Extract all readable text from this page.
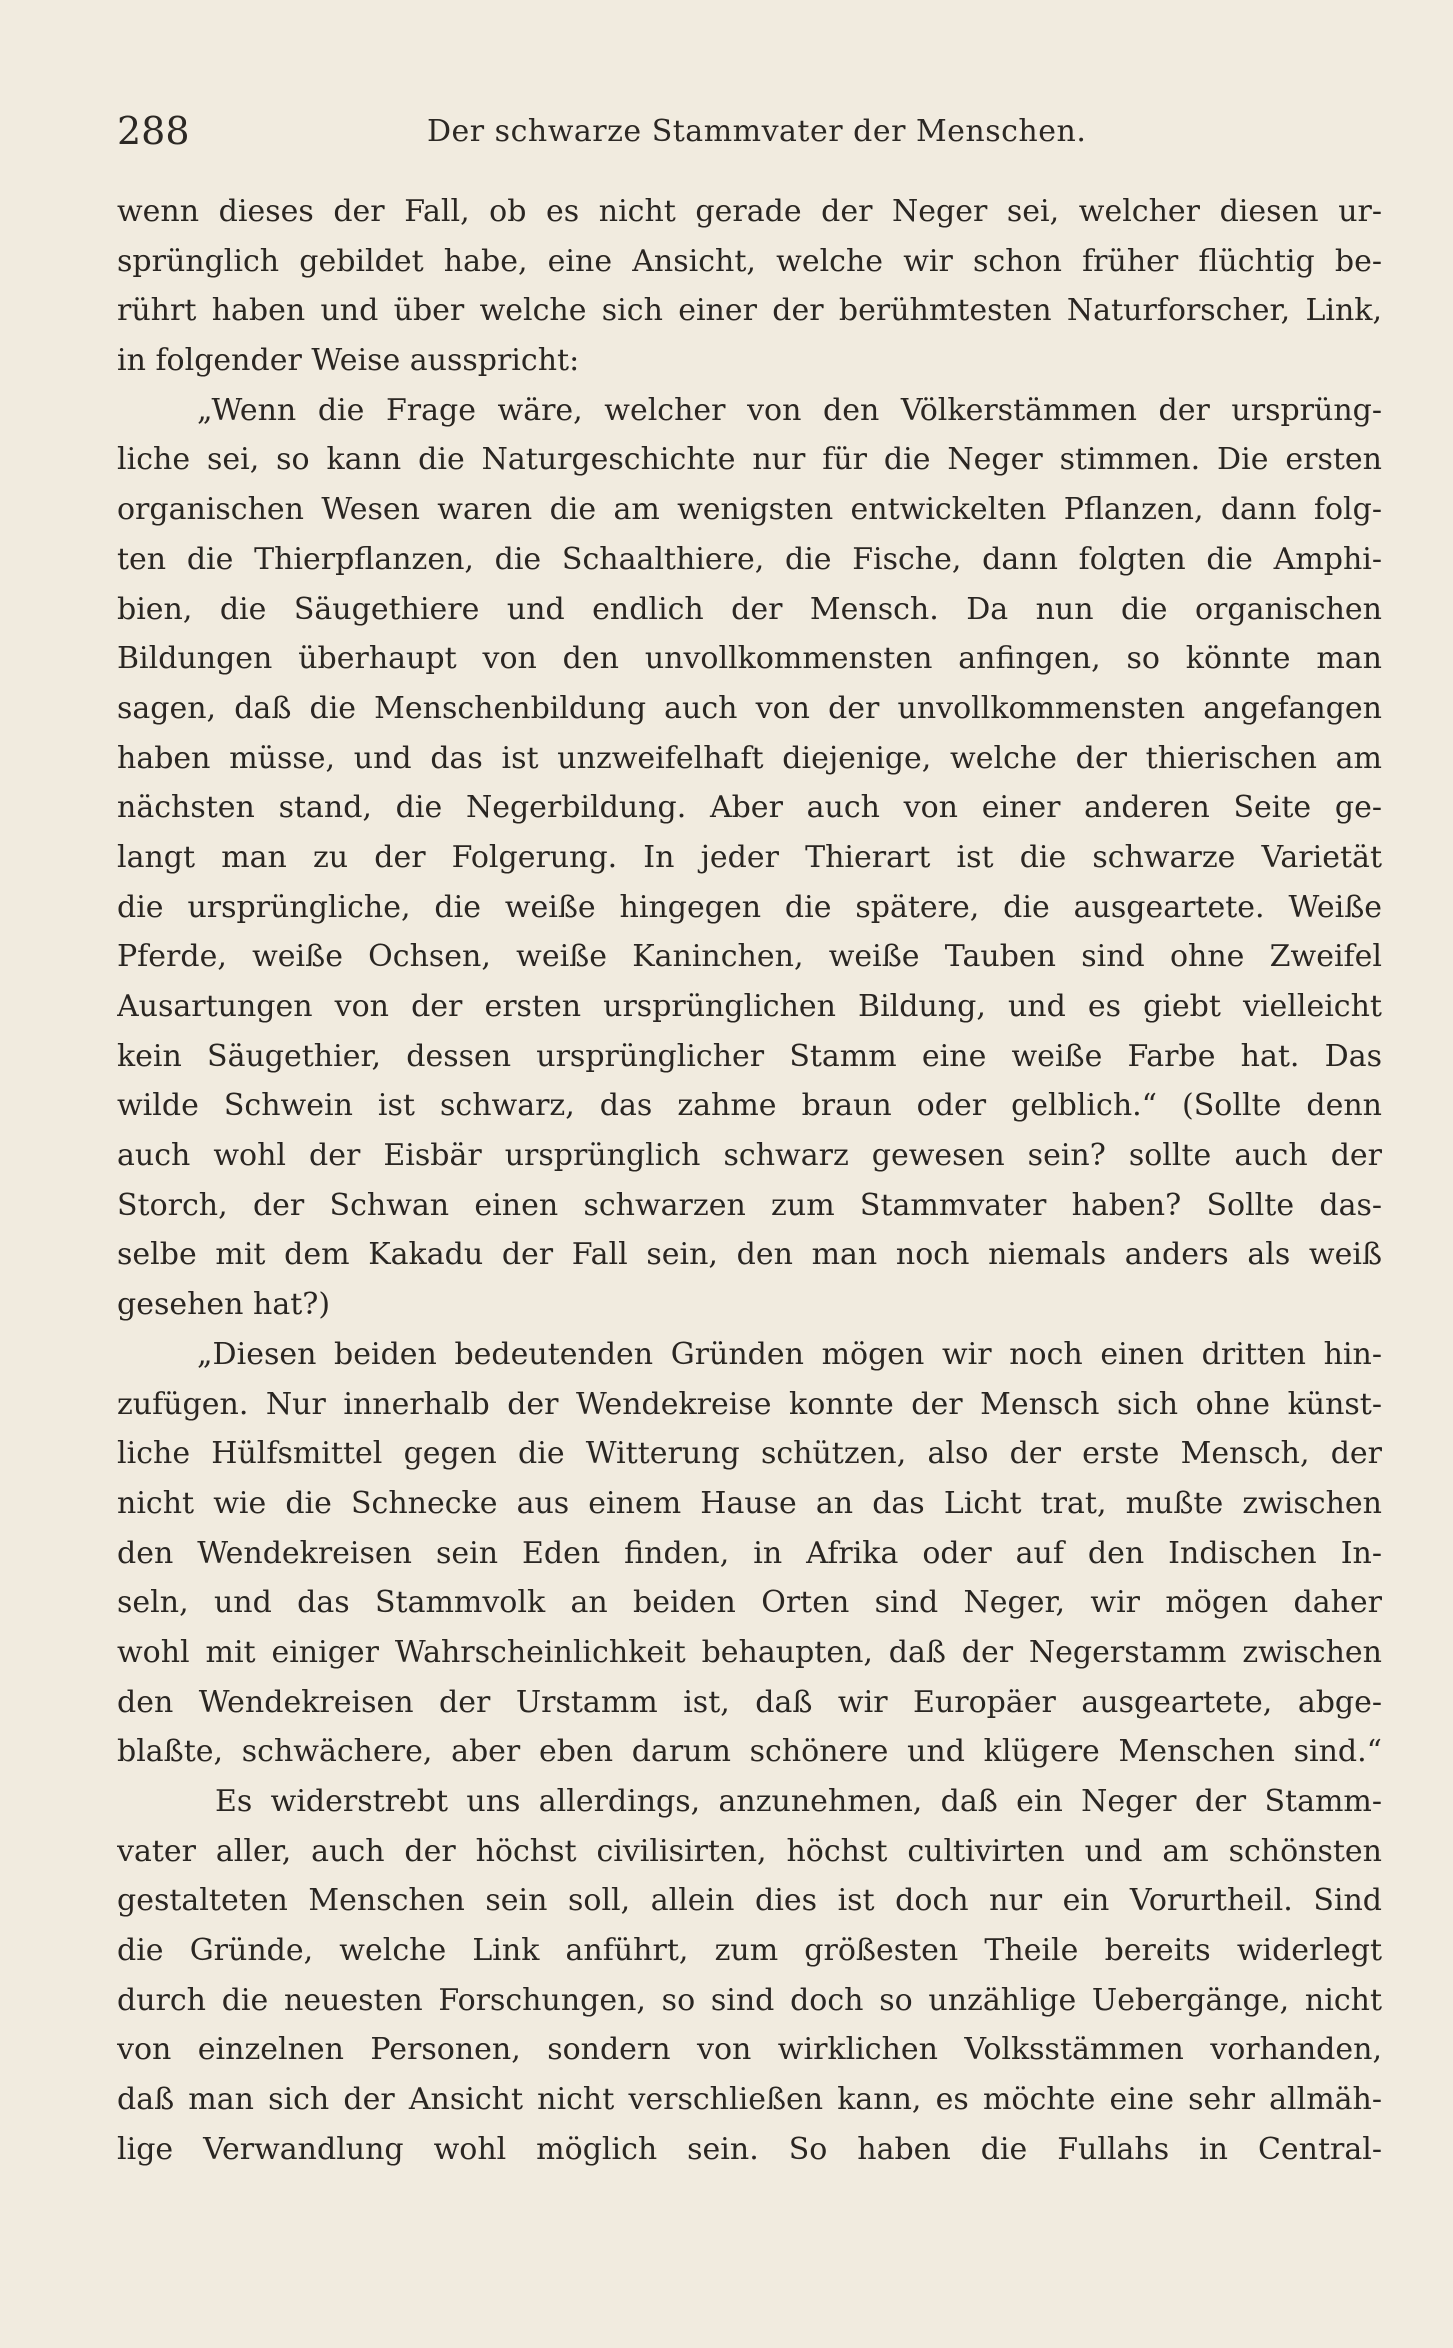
288	Der schwarze Stammvater der Menschen.
wenn dieses der Fall, ob es nicht gerade der Neger sei, welcher diesen ur-
sprünglich gebildet habe, eine Ansicht, welche wir schon früher flüchtig be-
rührt haben und über welche sich einer der berühmtesten Naturforscher, Link,
in folgender Weise ausspricht:
„Wenn die Frage wäre, welcher von den Völkerstämmen der ursprüng-
liche sei, so kann die Naturgeschichte nur für die Neger stimmen. Die ersten
organischen Wesen waren die am wenigsten entwickelten Pflanzen, dann folg-
ten die Thierpflanzen, die Schaalthiere, die Fische, dann folgten die Amphi-
bien, die Säugethiere und endlich der Mensch. Da nun die organischen
Bildungen überhaupt von den unvollkommensten anfingen, so könnte man
sagen, daß die Menschenbildung auch von der unvollkommensten angefangen
haben müsse, und das ist unzweifelhaft diejenige, welche der thierischen am
nächsten stand, die Negerbildung. Aber auch von einer anderen Seite ge-
langt man zu der Folgerung. In jeder Thierart ist die schwarze Varietät
die ursprüngliche, die weiße hingegen die spätere, die ausgeartete. Weiße
Pferde, weiße Ochsen, weiße Kaninchen, weiße Tauben sind ohne Zweifel
Ausartungen von der ersten ursprünglichen Bildung, und es giebt vielleicht
kein Säugethier, dessen ursprünglicher Stamm eine weiße Farbe hat. Das
wilde Schwein ist schwarz, das zahme braun oder gelblich.“ (Sollte denn
auch wohl der Eisbär ursprünglich schwarz gewesen sein? sollte auch der
Storch, der Schwan einen schwarzen zum Stammvater haben? Sollte das-
selbe mit dem Kakadu der Fall sein, den man noch niemals anders als weiß
gesehen hat?)
„Diesen beiden bedeutenden Gründen mögen wir noch einen dritten hin-
zufügen. Nur innerhalb der Wendekreise konnte der Mensch sich ohne künst-
liche Hülfsmittel gegen die Witterung schützen, also der erste Mensch, der
nicht wie die Schnecke aus einem Hause an das Licht trat, mußte zwischen
den Wendekreisen sein Eden finden, in Afrika oder auf den Indischen In-
seln, und das Stammvolk an beiden Orten sind Neger, wir mögen daher
wohl mit einiger Wahrscheinlichkeit behaupten, daß der Negerstamm zwischen
den Wendekreisen der Urstamm ist, daß wir Europäer ausgeartete, abge-
blaßte, schwächere, aber eben darum schönere und klügere Menschen sind.“
Es widerstrebt uns allerdings, anzunehmen, daß ein Neger der Stamm-
vater aller, auch der höchst civilisirten, höchst cultivirten und am schönsten
gestalteten Menschen sein soll, allein dies ist doch nur ein Vorurtheil. Sind
die Gründe, welche Link anführt, zum größesten Theile bereits widerlegt
durch die neuesten Forschungen, so sind doch so unzählige Uebergänge, nicht
von einzelnen Personen, sondern von wirklichen Volksstämmen vorhanden,
daß man sich der Ansicht nicht verschließen kann, es möchte eine sehr allmäh-
lige Verwandlung wohl möglich sein. So haben die Fullahs in Central-
